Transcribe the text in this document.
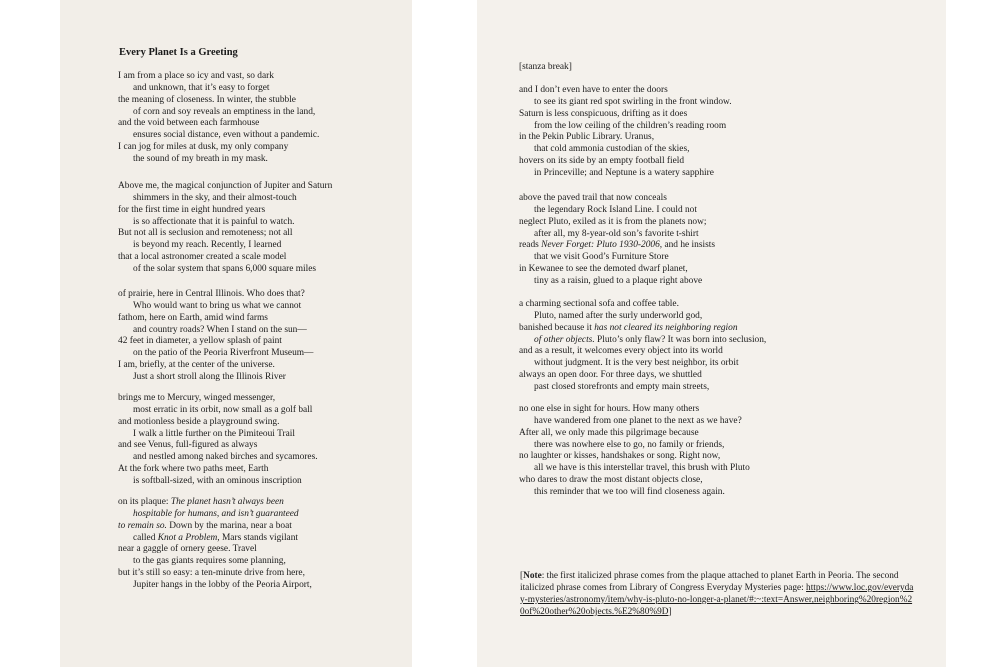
Every Planet Is a Greeting
I am from a place so icy and vast, so dark
and unknown, that it’s easy to forget
the meaning of closeness. In winter, the stubble
of corn and soy reveals an emptiness in the land,
and the void between each farmhouse
ensures social distance, even without a pandemic.
I can jog for miles at dusk, my only company
the sound of my breath in my mask.
Above me, the magical conjunction of Jupiter and Saturn
shimmers in the sky, and their almost-touch
for the first time in eight hundred years
is so affectionate that it is painful to watch.
But not all is seclusion and remoteness; not all
is beyond my reach. Recently, I learned
that a local astronomer created a scale model
of the solar system that spans 6,000 square miles
of prairie, here in Central Illinois. Who does that?
Who would want to bring us what we cannot
fathom, here on Earth, amid wind farms
and country roads? When I stand on the sun—
42 feet in diameter, a yellow splash of paint
on the patio of the Peoria Riverfront Museum—
I am, briefly, at the center of the universe.
Just a short stroll along the Illinois River
brings me to Mercury, winged messenger,
most erratic in its orbit, now small as a golf ball
and motionless beside a playground swing.
I walk a little further on the Pimiteoui Trail
and see Venus, full-figured as always
and nestled among naked birches and sycamores.
At the fork where two paths meet, Earth
is softball-sized, with an ominous inscription
on its plaque: The planet hasn’t always been
hospitable for humans, and isn’t guaranteed
to remain so. Down by the marina, near a boat
called Knot a Problem, Mars stands vigilant
near a gaggle of ornery geese. Travel
to the gas giants requires some planning,
but it’s still so easy: a ten-minute drive from here,
Jupiter hangs in the lobby of the Peoria Airport,
[stanza break]
and I don’t even have to enter the doors
to see its giant red spot swirling in the front window.
Saturn is less conspicuous, drifting as it does
from the low ceiling of the children’s reading room
in the Pekin Public Library. Uranus,
that cold ammonia custodian of the skies,
hovers on its side by an empty football field
in Princeville; and Neptune is a watery sapphire
above the paved trail that now conceals
the legendary Rock Island Line. I could not
neglect Pluto, exiled as it is from the planets now;
after all, my 8-year-old son’s favorite t-shirt
reads Never Forget: Pluto 1930-2006, and he insists
that we visit Good’s Furniture Store
in Kewanee to see the demoted dwarf planet,
tiny as a raisin, glued to a plaque right above
a charming sectional sofa and coffee table.
Pluto, named after the surly underworld god,
banished because it has not cleared its neighboring region
of other objects. Pluto’s only flaw? It was born into seclusion,
and as a result, it welcomes every object into its world
without judgment. It is the very best neighbor, its orbit
always an open door. For three days, we shuttled
past closed storefronts and empty main streets,
no one else in sight for hours. How many others
have wandered from one planet to the next as we have?
After all, we only made this pilgrimage because
there was nowhere else to go, no family or friends,
no laughter or kisses, handshakes or song. Right now,
all we have is this interstellar travel, this brush with Pluto
who dares to draw the most distant objects close,
this reminder that we too will find closeness again.
[Note: the first italicized phrase comes from the plaque attached to planet Earth in Peoria. The second italicized phrase comes from Library of Congress Everyday Mysteries page: https://www.loc.gov/everyday-mysteries/astronomy/item/why-is-pluto-no-longer-a-planet/#:~:text=Answer,neighboring%20region%20of%20other%20objects.%E2%80%9D]
